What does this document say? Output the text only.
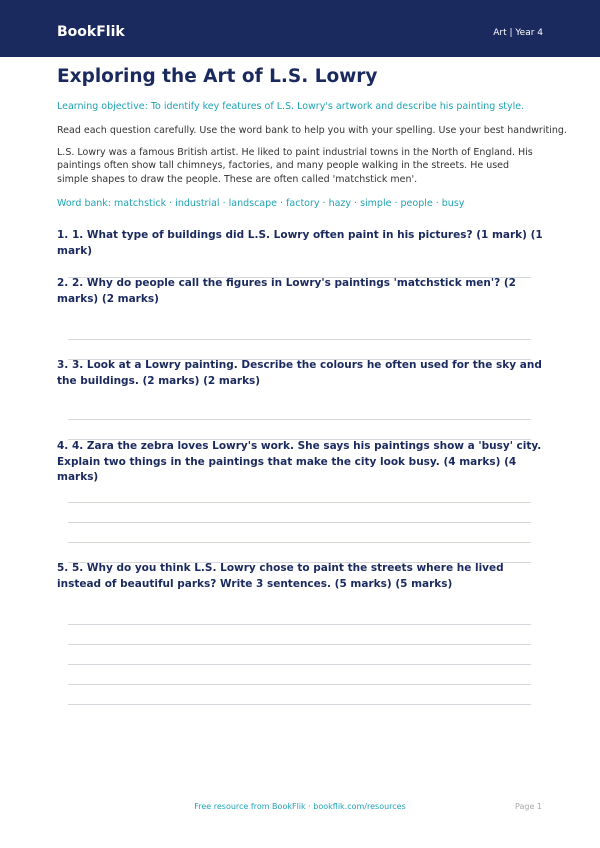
BookFlik	Art | Year 4
Exploring the Art of L.S. Lowry
Learning objective: To identify key features of L.S. Lowry's artwork and describe his painting style.
Read each question carefully. Use the word bank to help you with your spelling. Use your best handwriting.
L.S. Lowry was a famous British artist. He liked to paint industrial towns in the North of England. His paintings often show tall chimneys, factories, and many people walking in the streets. He used simple shapes to draw the people. These are often called 'matchstick men'.
Word bank: matchstick · industrial · landscape · factory · hazy · simple · people · busy
1. 1. What type of buildings did L.S. Lowry often paint in his pictures? (1 mark) (1 mark)
2. 2. Why do people call the figures in Lowry's paintings 'matchstick men'? (2 marks) (2 marks)
3. 3. Look at a Lowry painting. Describe the colours he often used for the sky and the buildings. (2 marks) (2 marks)
4. 4. Zara the zebra loves Lowry's work. She says his paintings show a 'busy' city. Explain two things in the paintings that make the city look busy. (4 marks) (4 marks)
5. 5. Why do you think L.S. Lowry chose to paint the streets where he lived instead of beautiful parks? Write 3 sentences. (5 marks) (5 marks)
Free resource from BookFlik · bookflik.com/resources	Page 1
